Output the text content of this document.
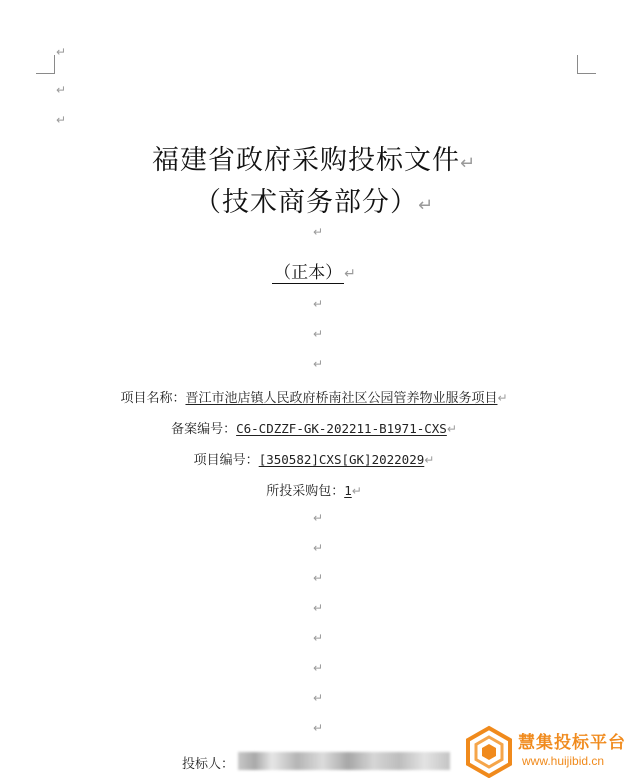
↵
↵
↵
福建省政府采购投标文件↵
（技术商务部分）↵
↵
（正本） ↵
↵
↵
↵
项目名称：晋江市池店镇人民政府桥南社区公园管养物业服务项目↵
备案编号：C6-CDZZF-GK-202211-B1971-CXS↵
项目编号：[350582]CXS[GK]2022029↵
所投采购包：1↵
↵
↵
↵
↵
↵
↵
↵
↵
投标人：
慧集投标平台
www.huijibid.cn
